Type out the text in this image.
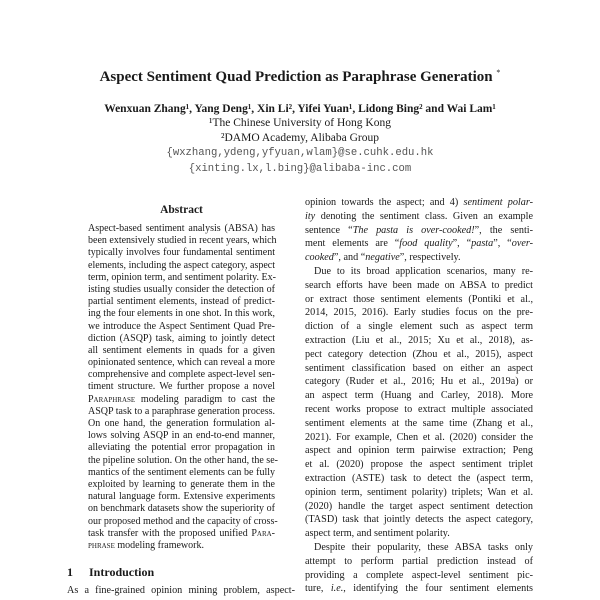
Aspect Sentiment Quad Prediction as Paraphrase Generation *
Wenxuan Zhang¹, Yang Deng¹, Xin Li², Yifei Yuan¹, Lidong Bing² and Wai Lam¹
¹The Chinese University of Hong Kong
²DAMO Academy, Alibaba Group
{wxzhang,ydeng,yfyuan,wlam}@se.cuhk.edu.hk
{xinting.lx,l.bing}@alibaba-inc.com
Abstract
Aspect-based sentiment analysis (ABSA) has
been extensively studied in recent years, which
typically involves four fundamental sentiment
elements, including the aspect category, aspect
term, opinion term, and sentiment polarity. Ex-
isting studies usually consider the detection of
partial sentiment elements, instead of predict-
ing the four elements in one shot. In this work,
we introduce the Aspect Sentiment Quad Pre-
diction (ASQP) task, aiming to jointly detect
all sentiment elements in quads for a given
opinionated sentence, which can reveal a more
comprehensive and complete aspect-level sen-
timent structure. We further propose a novel
Paraphrase modeling paradigm to cast the
ASQP task to a paraphrase generation process.
On one hand, the generation formulation al-
lows solving ASQP in an end-to-end manner,
alleviating the potential error propagation in
the pipeline solution. On the other hand, the se-
mantics of the sentiment elements can be fully
exploited by learning to generate them in the
natural language form. Extensive experiments
on benchmark datasets show the superiority of
our proposed method and the capacity of cross-
task transfer with the proposed unified Para-
phrase modeling framework.
1 Introduction
As a fine-grained opinion mining problem, aspect-
opinion towards the aspect; and 4) sentiment polar-
ity denoting the sentiment class. Given an example
sentence “The pasta is over-cooked!”, the senti-
ment elements are “food quality”, “pasta”, “over-
cooked”, and “negative”, respectively.
Due to its broad application scenarios, many re-
search efforts have been made on ABSA to predict
or extract those sentiment elements (Pontiki et al.,
2014, 2015, 2016). Early studies focus on the pre-
diction of a single element such as aspect term
extraction (Liu et al., 2015; Xu et al., 2018), as-
pect category detection (Zhou et al., 2015), aspect
sentiment classification based on either an aspect
category (Ruder et al., 2016; Hu et al., 2019a) or
an aspect term (Huang and Carley, 2018). More
recent works propose to extract multiple associated
sentiment elements at the same time (Zhang et al.,
2021). For example, Chen et al. (2020) consider the
aspect and opinion term pairwise extraction; Peng
et al. (2020) propose the aspect sentiment triplet
extraction (ASTE) task to detect the (aspect term,
opinion term, sentiment polarity) triplets; Wan et al.
(2020) handle the target aspect sentiment detection
(TASD) task that jointly detects the aspect category,
aspect term, and sentiment polarity.
Despite their popularity, these ABSA tasks only
attempt to perform partial prediction instead of
providing a complete aspect-level sentiment pic-
ture, i.e., identifying the four sentiment elements
